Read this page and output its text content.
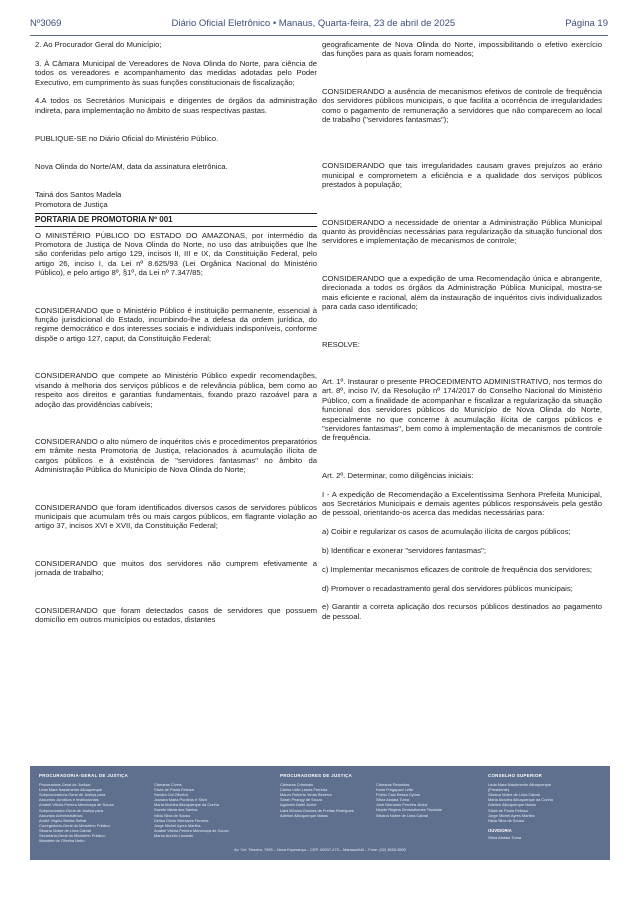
Nº3069	Diário Oficial Eletrônico • Manaus, Quarta-feira, 23 de abril de 2025	Página 19

2. Ao Procurador Geral do Município;

3. À Câmara Municipal de Vereadores de Nova Olinda do Norte, para ciência de todos os vereadores e acompanhamento das medidas adotadas pelo Poder Executivo, em cumprimento às suas funções constitucionais de fiscalização;

4.A todos os Secretários Municipais e dirigentes de órgãos da administração indireta, para implementação no âmbito de suas respectivas pastas.

PUBLIQUE-SE no Diário Oficial do Ministério Público.

Nova Olinda do Norte/AM, data da assinatura eletrônica.

Tainá dos Santos Madela

Promotora de Justiça

PORTARIA DE PROMOTORIA Nº 001

O MINISTÉRIO PÚBLICO DO ESTADO DO AMAZONAS, por intermédio da Promotora de Justiça de Nova Olinda do Norte, no uso das atribuições que lhe são conferidas pelo artigo 129, incisos II, III e IX, da Constituição Federal, pelo artigo 26, inciso I, da Lei nº 8.625/93 (Lei Orgânica Nacional do Ministério Público), e pelo artigo 8º, §1º, da Lei nº 7.347/85;

CONSIDERANDO que o Ministério Público é instituição permanente, essencial à função jurisdicional do Estado, incumbindo-lhe a defesa da ordem jurídica, do regime democrático e dos interesses sociais e individuais indisponíveis, conforme dispõe o artigo 127, caput, da Constituição Federal;

CONSIDERANDO que compete ao Ministério Público expedir recomendações, visando à melhoria dos serviços públicos e de relevância pública, bem como ao respeito aos direitos e garantias fundamentais, fixando prazo razoável para a adoção das providências cabíveis;

CONSIDERANDO o alto número de inquéritos civis e procedimentos preparatórios em trâmite nesta Promotoria de Justiça, relacionados à acumulação ilícita de cargos públicos e à existência de "servidores fantasmas" no âmbito da Administração Pública do Município de Nova Olinda do Norte;

CONSIDERANDO que foram identificados diversos casos de servidores públicos municipais que acumulam três ou mais cargos públicos, em flagrante violação ao artigo 37, incisos XVI e XVII, da Constituição Federal;

CONSIDERANDO que muitos dos servidores não cumprem efetivamente a jornada de trabalho;

CONSIDERANDO que foram detectados casos de servidores que possuem domicílio em outros municípios ou estados, distantes

geograficamente de Nova Olinda do Norte, impossibilitando o efetivo exercício das funções para as quais foram nomeados;

CONSIDERANDO a ausência de mecanismos efetivos de controle de frequência dos servidores públicos municipais, o que facilita a ocorrência de irregularidades como o pagamento de remuneração a servidores que não comparecem ao local de trabalho ("servidores fantasmas");

CONSIDERANDO que tais irregularidades causam graves prejuízos ao erário municipal e comprometem a eficiência e a qualidade dos serviços públicos prestados à população;

CONSIDERANDO a necessidade de orientar a Administração Pública Municipal quanto às providências necessárias para regularização da situação funcional dos servidores e implementação de mecanismos de controle;

CONSIDERANDO que a expedição de uma Recomendação única e abrangente, direcionada a todos os órgãos da Administração Pública Municipal, mostra-se mais eficiente e racional, além da instauração de inquéritos civis individualizados para cada caso identificado;

RESOLVE:

Art. 1º. Instaurar o presente PROCEDIMENTO ADMINISTRATIVO, nos termos do art. 8º, inciso IV, da Resolução nº 174/2017 do Conselho Nacional do Ministério Público, com a finalidade de acompanhar e fiscalizar a regularização da situação funcional dos servidores públicos do Município de Nova Olinda do Norte, especialmente no que concerne à acumulação ilícita de cargos públicos e "servidores fantasmas", bem como à implementação de mecanismos de controle de frequência.

Art. 2º. Determinar, como diligências iniciais:

I - A expedição de Recomendação a Excelentíssima Senhora Prefeita Municipal, aos Secretários Municipais e demais agentes públicos responsáveis pela gestão de pessoal, orientando-os acerca das medidas necessárias para:

a) Coibir e regularizar os casos de acumulação ilícita de cargos públicos;

b) Identificar e exonerar "servidores fantasmas";

c) Implementar mecanismos eficazes de controle de frequência dos servidores;

d) Promover o recadastramento geral dos servidores públicos municipais;

e) Garantir a correta aplicação dos recursos públicos destinados ao pagamento de pessoal.

PROCURADORIA-GERAL DE JUSTIÇA
Procuradora-Geral de Justiça:
Leda Mara Nascimento Albuquerque
Subprocuradora-Geral de Justiça para
Assuntos Jurídicos e Institucionais:
Anabel Vitória Pereira Mendonça de Souza
Subprocurador-Geral de Justiça para
Assuntos Administrativos:
André Virgílio Belota Seffair
Corregedoria-Geral do Ministério Público:
Silvana Nobre de Lima Cabral
Secretária-Geral do Ministério Público:
Wandete de Oliveira Netto
Câmaras Cíveis
Sílvia de Paula Feitosa
Sandra Cal Oliveira
Jussara Maria Pordeus e Silva
Maria Alcicléa Albuquerque da Cunha
Suzete Maria dos Santos
Nilda Silva de Sousa
Delisa Olívia Vieiralves Ferreira
Jorge Michel Ayres Martins
Anabel Vitória Pereira Mendonça de Souza
Marco Aurélio Lisciotto
PROCURADORES DE JUSTIÇA
Câmaras Criminais
Carlos Lélio Lauria Ferreira
Mauro Roberto Veras Bezerra
Sarah Pirangy de Souza
Aguinelo Balbi Júnior
Liani Mônica Guedes de Freitas Rodrigues
Adelton Albuquerque Matos
Câmaras Reunidas
Karla Fregapani Leite
Públio Caio Bessa Cyrino
Silvia Abdala Tuma
José Bernardo Ferreira Júnior
Neyde Regina Demósthenes Trindade
Silvana Nobre de Lima Cabral
CONSELHO SUPERIOR
Leda Mara Nascimento Albuquerque
(Presidente)
Silvana Nobre de Lima Cabral
Maria Alcicléa Albuquerque da Cunha
Adelton Albuquerque Matos
Sílvia de Paula Feitosa
Jorge Michel Ayres Martins
Nilda Silva de Sousa
OUVIDORIA
Silvia Abdala Tuma
Av. Cel. Teixeira, 7995 – Nova Esperança – CEP: 69037-473 – Manaus/AM – Fone: (92) 3655-0500
